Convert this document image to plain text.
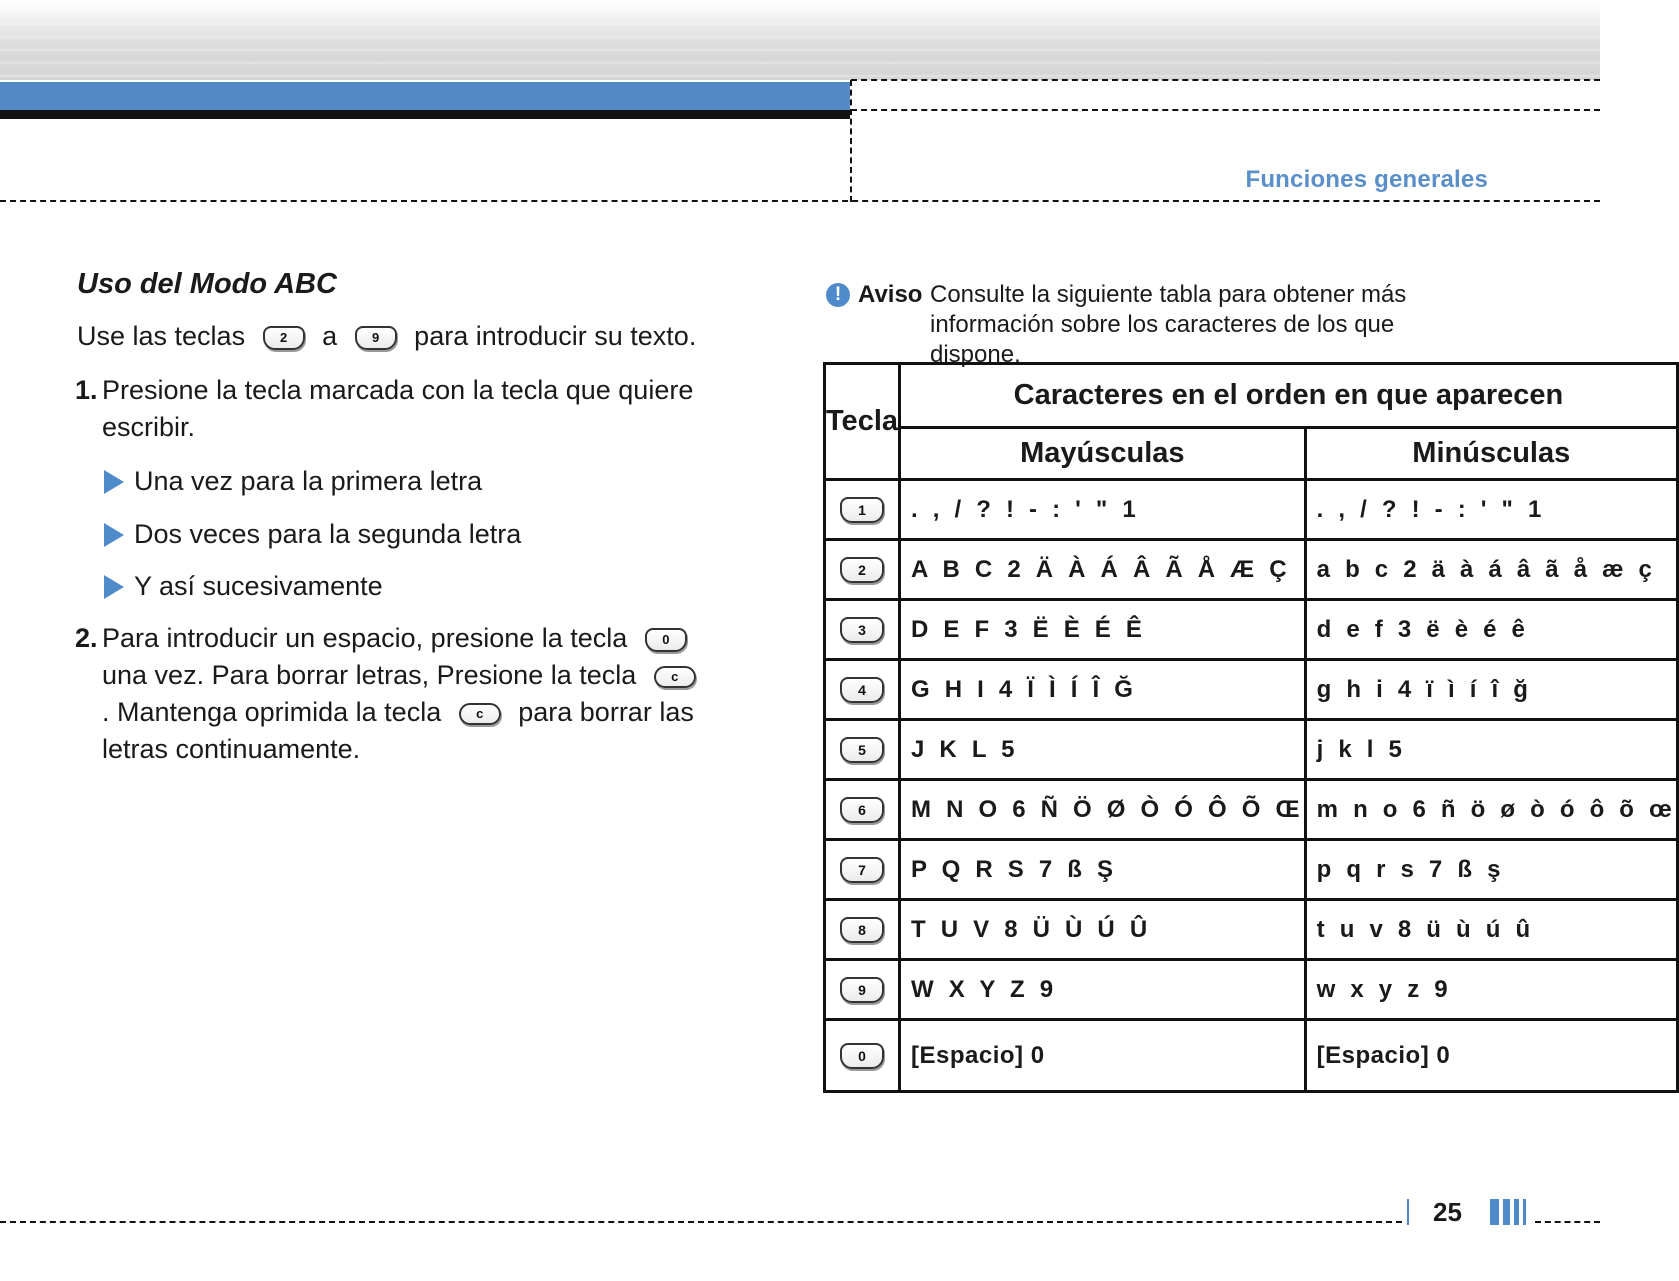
Funciones generales
Uso del Modo ABC
Use las teclas	2 a	9 para introducir su texto.
1. Presione la tecla marcada con la tecla que quiere escribir.
Una vez para la primera letra
Dos veces para la segunda letra
Y así sucesivamente
2. Para introducir un espacio, presione la tecla	0 una vez. Para borrar letras, Presione la tecla	c . Mantenga oprimida la tecla	c para borrar las letras continuamente.
! Aviso Consulte la siguiente tabla para obtener más información sobre los caracteres de los que dispone.
Tecla	Caracteres en el orden en que aparecen	
	Mayúsculas	Minúsculas
1	. , / ? ! - : ' " 1	. , / ? ! - : ' " 1
2	A B C 2 Ä À Á Â Ã Å Æ Ç	a b c 2 ä à á â ã å æ ç
3	D E F 3 Ë È É Ê	d e f 3 ë è é ê
4	G H I 4 Ï Ì Í Î Ğ	g h i 4 ï ì í î ğ
5	J K L 5	j k l 5
6	M N O 6 Ñ Ö Ø Ò Ó Ô Õ Œ	m n o 6 ñ ö ø ò ó ô õ œ
7	P Q R S 7 ß Ş	p q r s 7 ß ş
8	T U V 8 Ü Ù Ú Û	t u v 8 ü ù ú û
9	W X Y Z 9	w x y z 9
0	[Espacio] 0	[Espacio] 0
25
